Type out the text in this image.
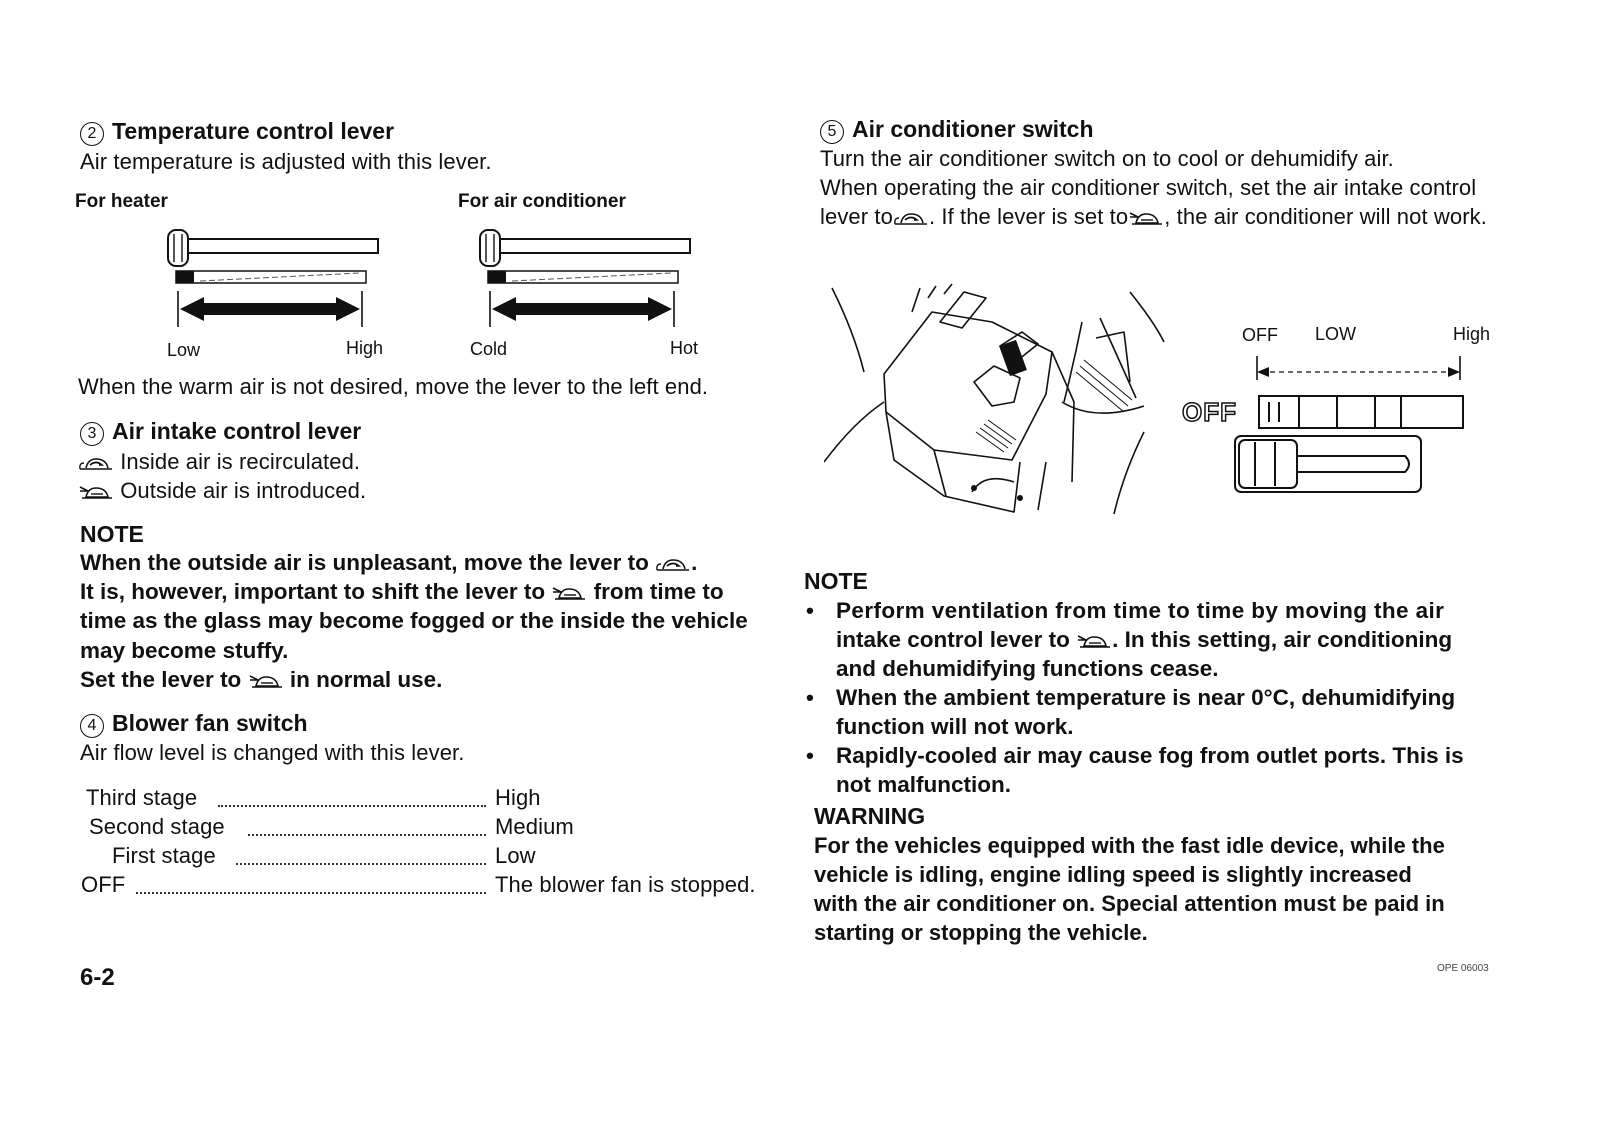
2 Temperature control lever
Air temperature is adjusted with this lever.
For heater	For air conditioner
Low	High	Cold	Hot
When the warm air is not desired, move the lever to the left end.
3 Air intake control lever
Inside air is recirculated.
Outside air is introduced.
NOTE
When the outside air is unpleasant, move the lever to .
It is, however, important to shift the lever to from time to
time as the glass may become fogged or the inside the vehicle
may become stuffy.
Set the lever to in normal use.
4 Blower fan switch
Air flow level is changed with this lever.
Third stage	High
Second stage	Medium
First stage	Low
OFF	The blower fan is stopped.
6-2
5 Air conditioner switch
Turn the air conditioner switch on to cool or dehumidify air.
When operating the air conditioner switch, set the air intake control
lever to . If the lever is set to , the air conditioner will not work.
OFF LOW	High
OFF
NOTE
• Perform ventilation from time to time by moving the air
intake control lever to . In this setting, air conditioning
and dehumidifying functions cease.
• When the ambient temperature is near 0°C, dehumidifying
function will not work.
• Rapidly-cooled air may cause fog from outlet ports. This is
not malfunction.
WARNING
For the vehicles equipped with the fast idle device, while the
vehicle is idling, engine idling speed is slightly increased
with the air conditioner on. Special attention must be paid in
starting or stopping the vehicle.
OPE 06003
